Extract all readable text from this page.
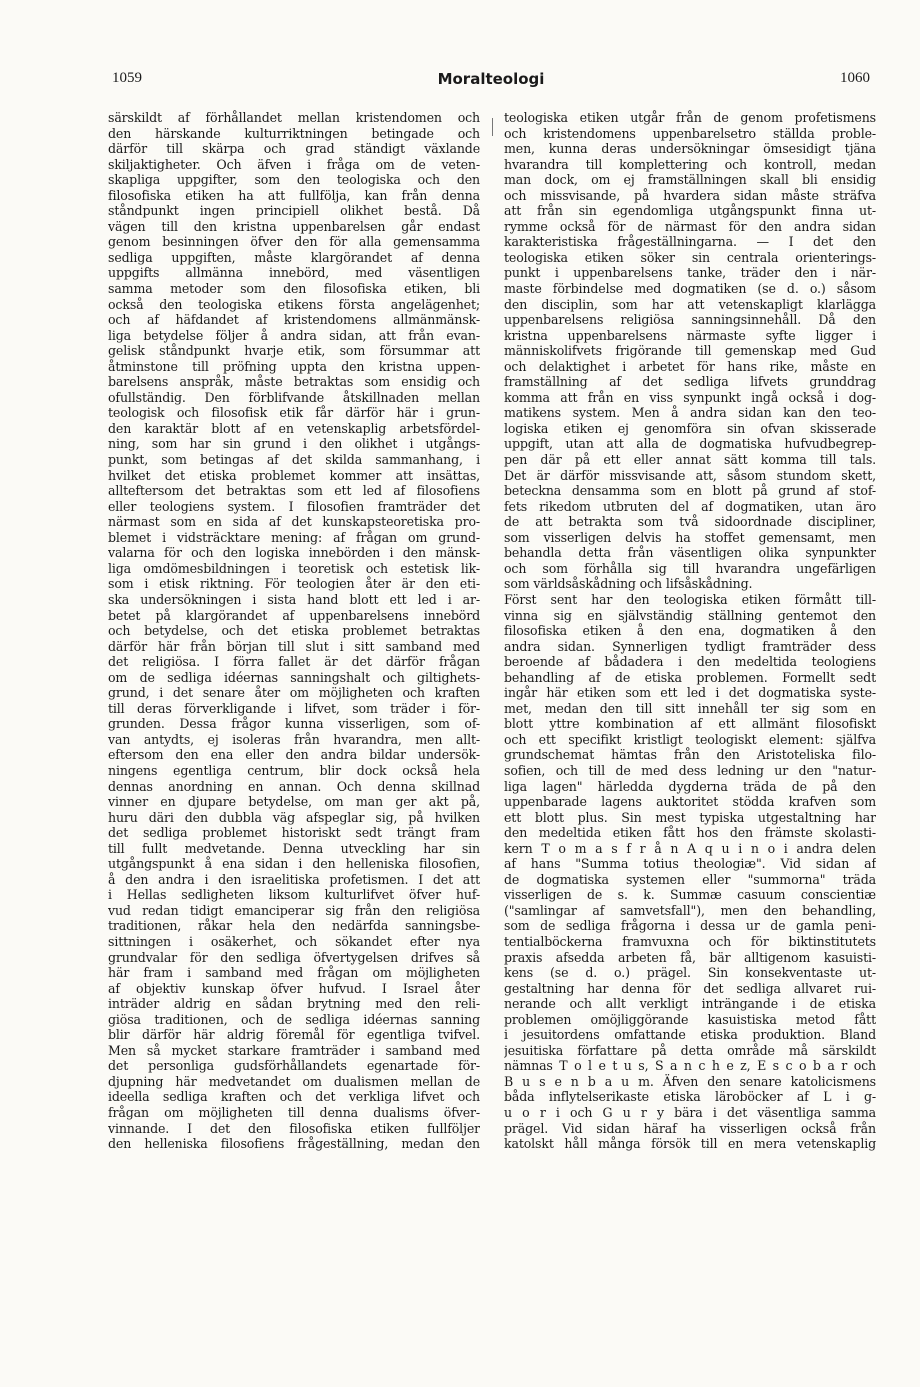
1059	Moralteologi	1060
särskildt af förhållandet mellan kristendomen och
den härskande kulturriktningen betingade och
därför till skärpa och grad ständigt växlande
skiljaktigheter. Och äfven i fråga om de veten-
skapliga uppgifter, som den teologiska och den
filosofiska etiken ha att fullfölja, kan från denna
ståndpunkt ingen principiell olikhet bestå. Då
vägen till den kristna uppenbarelsen går endast
genom besinningen öfver den för alla gemensamma
sedliga uppgiften, måste klargörandet af denna
uppgifts allmänna innebörd, med väsentligen
samma metoder som den filosofiska etiken, bli
också den teologiska etikens första angelägenhet;
och af häfdandet af kristendomens allmänmänsk-
liga betydelse följer å andra sidan, att från evan-
gelisk ståndpunkt hvarje etik, som försummar att
åtminstone till pröfning uppta den kristna uppen-
barelsens anspråk, måste betraktas som ensidig och
ofullständig. Den förblifvande åtskillnaden mellan
teologisk och filosofisk etik får därför här i grun-
den karaktär blott af en vetenskaplig arbetsfördel-
ning, som har sin grund i den olikhet i utgångs-
punkt, som betingas af det skilda sammanhang, i
hvilket det etiska problemet kommer att insättas,
allteftersom det betraktas som ett led af filosofiens
eller teologiens system. I filosofien framträder det
närmast som en sida af det kunskapsteoretiska pro-
blemet i vidsträcktare mening: af frågan om grund-
valarna för och den logiska innebörden i den mänsk-
liga omdömesbildningen i teoretisk och estetisk lik-
som i etisk riktning. För teologien åter är den eti-
ska undersökningen i sista hand blott ett led i ar-
betet på klargörandet af uppenbarelsens innebörd
och betydelse, och det etiska problemet betraktas
därför här från början till slut i sitt samband med
det religiösa. I förra fallet är det därför frågan
om de sedliga idéernas sanningshalt och giltighets-
grund, i det senare åter om möjligheten och kraften
till deras förverkligande i lifvet, som träder i för-
grunden. Dessa frågor kunna visserligen, som of-
van antydts, ej isoleras från hvarandra, men allt-
eftersom den ena eller den andra bildar undersök-
ningens egentliga centrum, blir dock också hela
dennas anordning en annan. Och denna skillnad
vinner en djupare betydelse, om man ger akt på,
huru däri den dubbla väg afspeglar sig, på hvilken
det sedliga problemet historiskt sedt trängt fram
till fullt medvetande. Denna utveckling har sin
utgångspunkt å ena sidan i den helleniska filosofien,
å den andra i den israelitiska profetismen. I det att
i Hellas sedligheten liksom kulturlifvet öfver huf-
vud redan tidigt emanciperar sig från den religiösa
traditionen, råkar hela den nedärfda sanningsbe-
sittningen i osäkerhet, och sökandet efter nya
grundvalar för den sedliga öfvertygelsen drifves så
här fram i samband med frågan om möjligheten
af objektiv kunskap öfver hufvud. I Israel åter
inträder aldrig en sådan brytning med den reli-
giösa traditionen, och de sedliga idéernas sanning
blir därför här aldrig föremål för egentliga tvifvel.
Men så mycket starkare framträder i samband med
det personliga gudsförhållandets egenartade för-
djupning här medvetandet om dualismen mellan de
ideella sedliga kraften och det verkliga lifvet och
frågan om möjligheten till denna dualisms öfver-
vinnande. I det den filosofiska etiken fullföljer
den helleniska filosofiens frågeställning, medan den
teologiska etiken utgår från de genom profetismens
och kristendomens uppenbarelsetro ställda proble-
men, kunna deras undersökningar ömsesidigt tjäna
hvarandra till komplettering och kontroll, medan
man dock, om ej framställningen skall bli ensidig
och missvisande, på hvardera sidan måste sträfva
att från sin egendomliga utgångspunkt finna ut-
rymme också för de närmast för den andra sidan
karakteristiska frågeställningarna. — I det den
teologiska etiken söker sin centrala orienterings-
punkt i uppenbarelsens tanke, träder den i när-
maste förbindelse med dogmatiken (se d. o.) såsom
den disciplin, som har att vetenskapligt klarlägga
uppenbarelsens religiösa sanningsinnehåll. Då den
kristna uppenbarelsens närmaste syfte ligger i
människolifvets frigörande till gemenskap med Gud
och delaktighet i arbetet för hans rike, måste en
framställning af det sedliga lifvets grunddrag
komma att från en viss synpunkt ingå också i dog-
matikens system. Men å andra sidan kan den teo-
logiska etiken ej genomföra sin ofvan skisserade
uppgift, utan att alla de dogmatiska hufvudbegrep-
pen där på ett eller annat sätt komma till tals.
Det är därför missvisande att, såsom stundom skett,
beteckna densamma som en blott på grund af stof-
fets rikedom utbruten del af dogmatiken, utan äro
de att betrakta som två sidoordnade discipliner,
som visserligen delvis ha stoffet gemensamt, men
behandla detta från väsentligen olika synpunkter
och som förhålla sig till hvarandra ungefärligen
som världsåskådning och lifsåskådning.
Först sent har den teologiska etiken förmått till-
vinna sig en självständig ställning gentemot den
filosofiska etiken å den ena, dogmatiken å den
andra sidan. Synnerligen tydligt framträder dess
beroende af bådadera i den medeltida teologiens
behandling af de etiska problemen. Formellt sedt
ingår här etiken som ett led i det dogmatiska syste-
met, medan den till sitt innehåll ter sig som en
blott yttre kombination af ett allmänt filosofiskt
och ett specifikt kristligt teologiskt element: själfva
grundschemat hämtas från den Aristoteliska filo-
sofien, och till de med dess ledning ur den "natur-
liga lagen" härledda dygderna träda de på den
uppenbarade lagens auktoritet stödda krafven som
ett blott plus. Sin mest typiska utgestaltning har
den medeltida etiken fått hos den främste skolasti-
kern T o m a s f r å n A q u i n o i andra delen
af hans "Summa totius theologiæ". Vid sidan af
de dogmatiska systemen eller "summorna" träda
visserligen de s. k. Summæ casuum conscientiæ
("samlingar af samvetsfall"), men den behandling,
som de sedliga frågorna i dessa ur de gamla peni-
tentialböckerna framvuxna och för biktinstitutets
praxis afsedda arbeten få, bär alltigenom kasuisti-
kens (se d. o.) prägel. Sin konsekventaste ut-
gestaltning har denna för det sedliga allvaret rui-
nerande och allt verkligt inträngande i de etiska
problemen omöjliggörande kasuistiska metod fått
i jesuitordens omfattande etiska produktion. Bland
jesuitiska författare på detta område må särskildt
nämnas T o l e t u s, S a n c h e z, E s c o b a r och
B u s e n b a u m. Äfven den senare katolicismens
båda inflytelserikaste etiska läroböcker af L i g-
u o r i och G u r y bära i det väsentliga samma
prägel. Vid sidan häraf ha visserligen också från
katolskt håll många försök till en mera vetenskaplig
